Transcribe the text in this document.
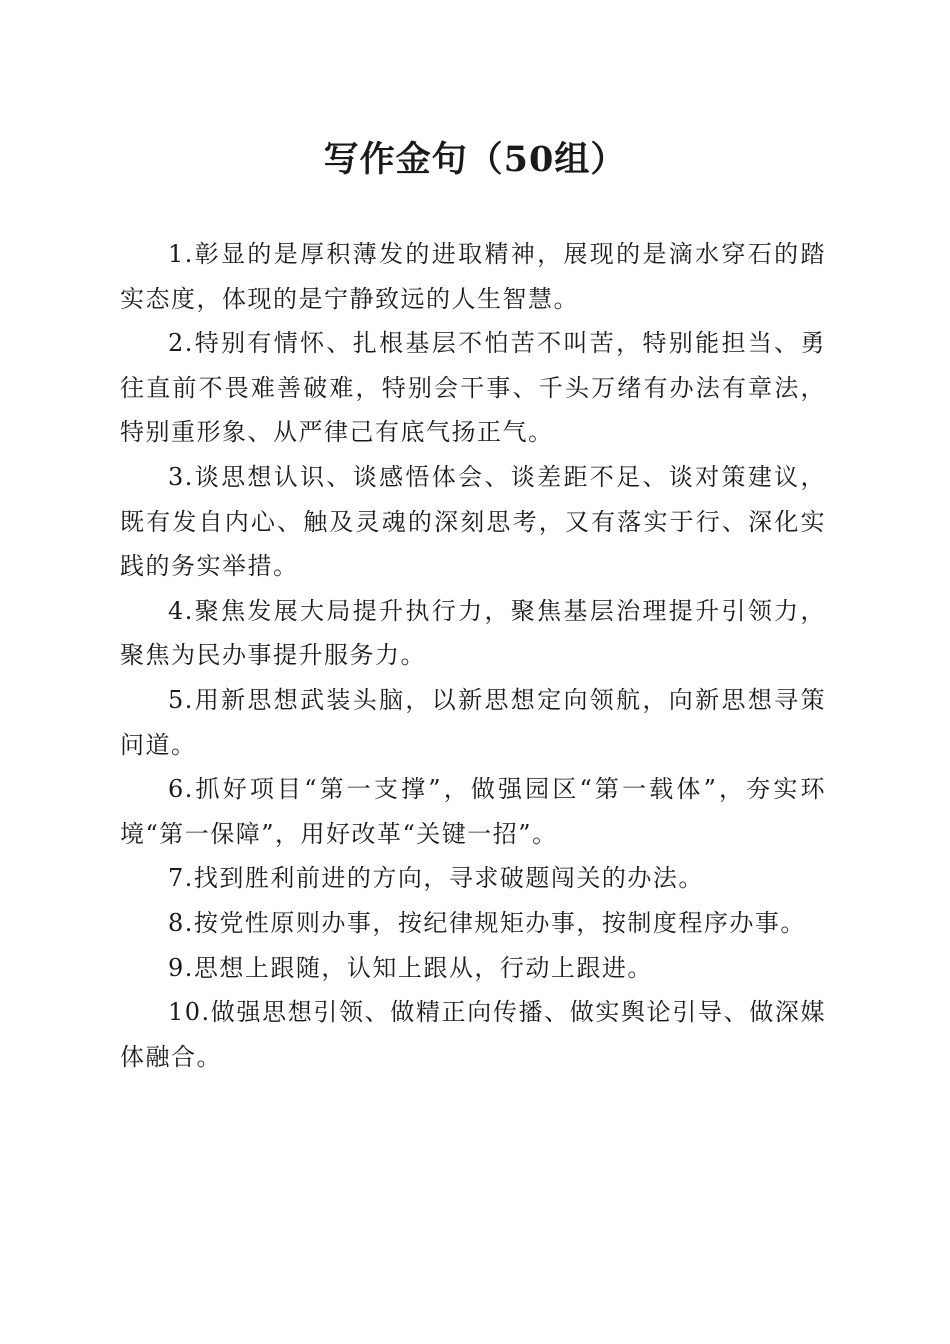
写作金句（50组）

1.彰显的是厚积薄发的进取精神，展现的是滴水穿石的踏实态度，体现的是宁静致远的人生智慧。

2.特别有情怀、扎根基层不怕苦不叫苦，特别能担当、勇往直前不畏难善破难，特别会干事、千头万绪有办法有章法，特别重形象、从严律己有底气扬正气。

3.谈思想认识、谈感悟体会、谈差距不足、谈对策建议，既有发自内心、触及灵魂的深刻思考，又有落实于行、深化实践的务实举措。

4.聚焦发展大局提升执行力，聚焦基层治理提升引领力，聚焦为民办事提升服务力。

5.用新思想武装头脑，以新思想定向领航，向新思想寻策问道。

6.抓好项目“第一支撑”，做强园区“第一载体”，夯实环境“第一保障”，用好改革“关键一招”。

7.找到胜利前进的方向，寻求破题闯关的办法。

8.按党性原则办事，按纪律规矩办事，按制度程序办事。

9.思想上跟随，认知上跟从，行动上跟进。

10.做强思想引领、做精正向传播、做实舆论引导、做深媒体融合。
